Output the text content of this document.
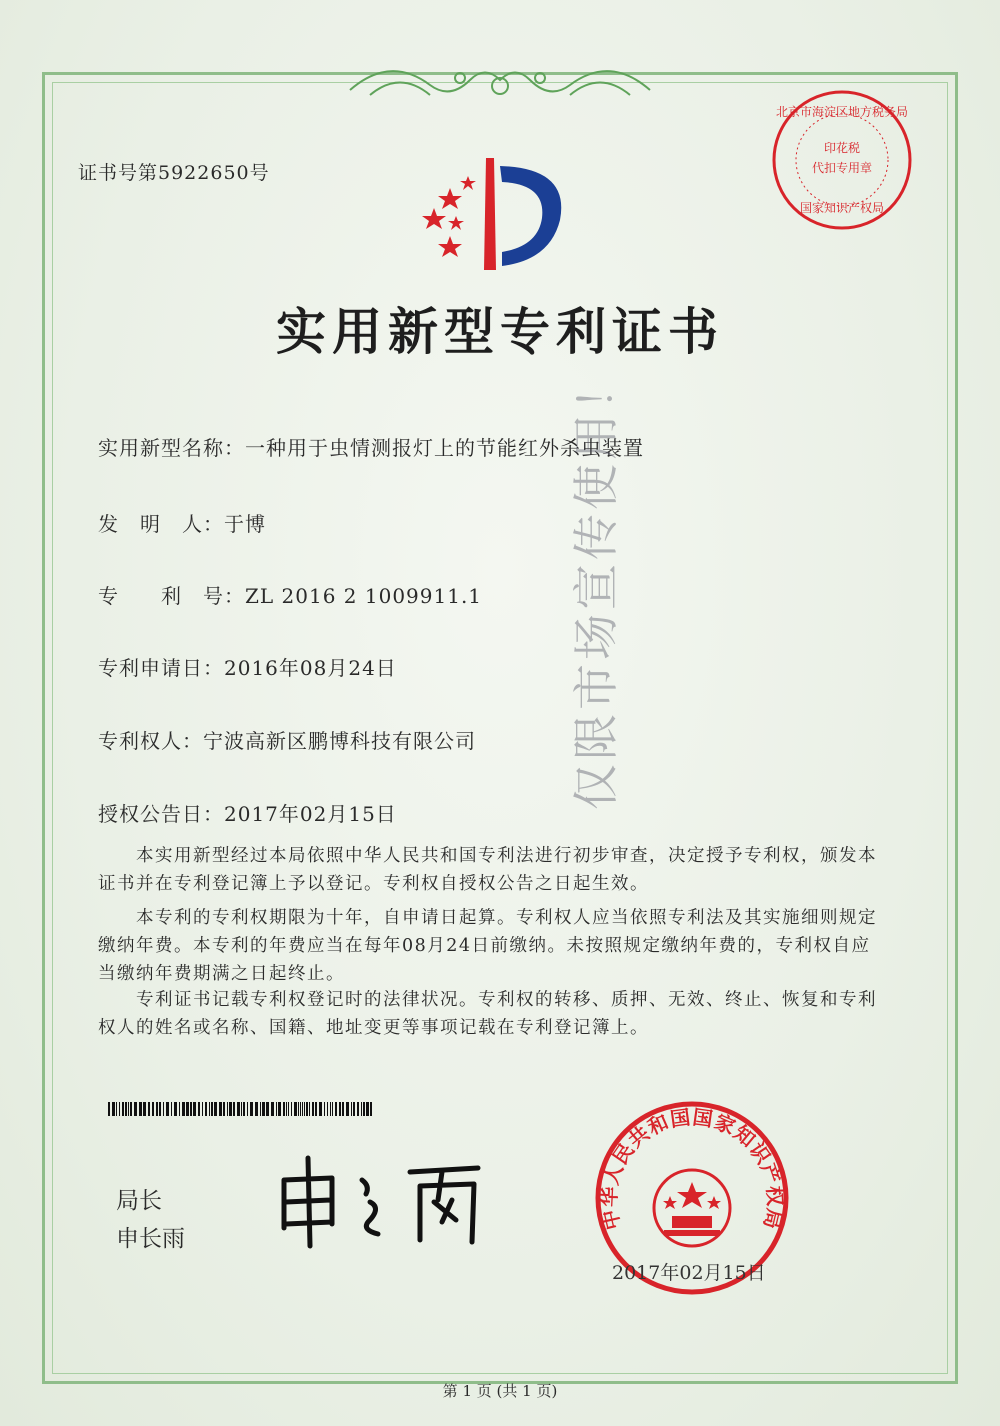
证书号第5922650号
北京市海淀区地方税务局
印花税
代扣专用章
国家知识产权局
实用新型专利证书
实用新型名称：一种用于虫情测报灯上的节能红外杀虫装置
发　明　人：于博
专　　利　号：ZL 2016 2 1009911.1
专利申请日：2016年08月24日
专利权人：宁波高新区鹏博科技有限公司
授权公告日：2017年02月15日
　　本实用新型经过本局依照中华人民共和国专利法进行初步审查，决定授予专利权，颁发本证书并在专利登记簿上予以登记。专利权自授权公告之日起生效。
　　本专利的专利权期限为十年，自申请日起算。专利权人应当依照专利法及其实施细则规定缴纳年费。本专利的年费应当在每年08月24日前缴纳。未按照规定缴纳年费的，专利权自应当缴纳年费期满之日起终止。
　　专利证书记载专利权登记时的法律状况。专利权的转移、质押、无效、终止、恢复和专利权人的姓名或名称、国籍、地址变更等事项记载在专利登记簿上。
局长
申长雨
中华人民共和国国家知识产权局
2017年02月15日
仅限市场宣传使用！
第 1 页 (共 1 页)
